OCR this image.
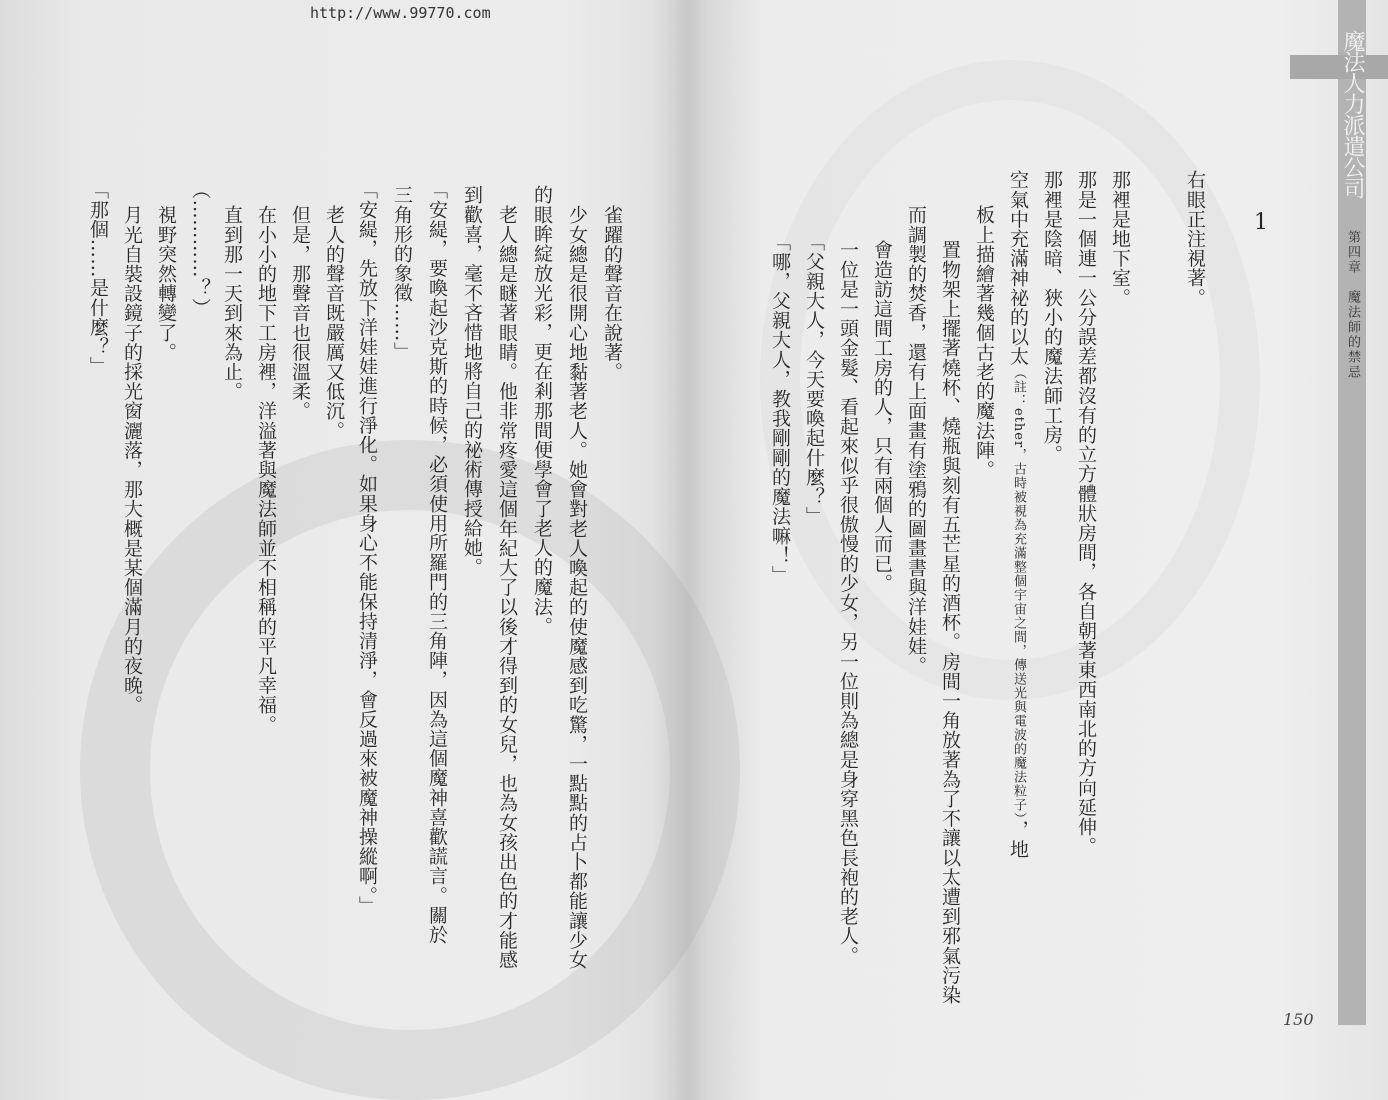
http://www.99770.com
魔法人力派遣公司
第四章　魔法師的禁忌
1
150
右眼正注視著。
那裡是地下室。
那是一個連一公分誤差都沒有的立方體狀房間，各自朝著東西南北的方向延伸。
那裡是陰暗、狹小的魔法師工房。
空氣中充滿神祕的以太（註：ether，古時被視為充滿整個宇宙之間，傳送光與電波的魔法粒子），地
板上描繪著幾個古老的魔法陣。
置物架上擺著燒杯、燒瓶與刻有五芒星的酒杯。房間一角放著為了不讓以太遭到邪氣污染
而調製的焚香，還有上面畫有塗鴉的圖畫書與洋娃娃。
會造訪這間工房的人，只有兩個人而已。
一位是一頭金髮、看起來似乎很傲慢的少女，另一位則為總是身穿黑色長袍的老人。
「父親大人，今天要喚起什麼？」
「哪，父親大人，教我剛剛的魔法嘛！」
雀躍的聲音在說著。
少女總是很開心地黏著老人。她會對老人喚起的使魔感到吃驚，一點點的占卜都能讓少女
的眼眸綻放光彩，更在剎那間便學會了老人的魔法。
老人總是瞇著眼睛。他非常疼愛這個年紀大了以後才得到的女兒，也為女孩出色的才能感
到歡喜，毫不吝惜地將自己的祕術傳授給她。
「安緹，要喚起沙克斯的時候，必須使用所羅門的三角陣，因為這個魔神喜歡謊言。關於
三角形的象徵……」
「安緹，先放下洋娃娃進行淨化。如果身心不能保持清淨，會反過來被魔神操縱啊。」
老人的聲音既嚴厲又低沉。
但是，那聲音也很溫柔。
在小小的地下工房裡，洋溢著與魔法師並不相稱的平凡幸福。
直到那一天到來為止。
（…………？）
視野突然轉變了。
月光自裝設鏡子的採光窗灑落，那大概是某個滿月的夜晚。
「那個……是什麼？」
